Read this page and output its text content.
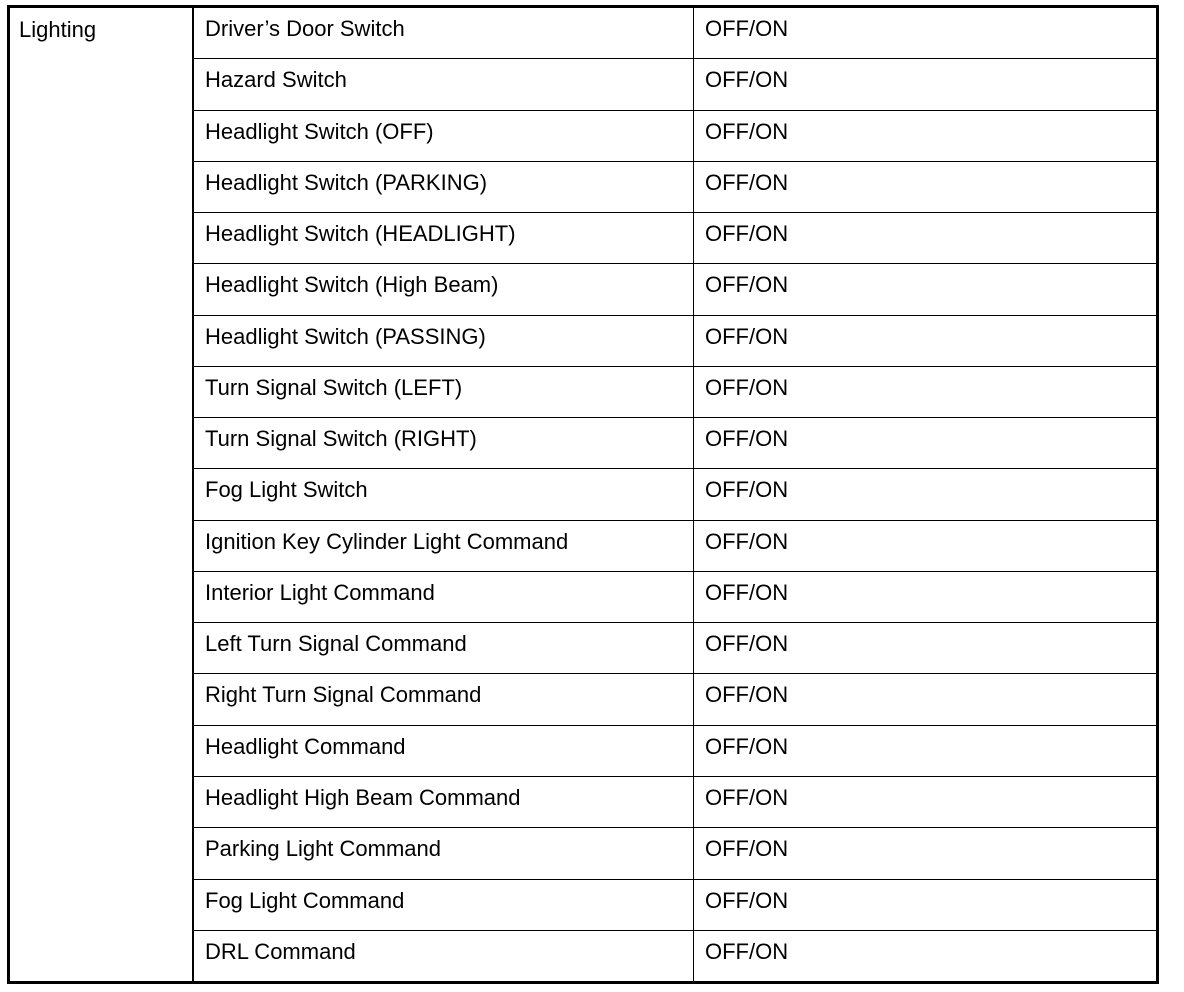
Lighting	Driver’s Door Switch	OFF/ON
Hazard Switch	OFF/ON
Headlight Switch (OFF)	OFF/ON
Headlight Switch (PARKING)	OFF/ON
Headlight Switch (HEADLIGHT)	OFF/ON
Headlight Switch (High Beam)	OFF/ON
Headlight Switch (PASSING)	OFF/ON
Turn Signal Switch (LEFT)	OFF/ON
Turn Signal Switch (RIGHT)	OFF/ON
Fog Light Switch	OFF/ON
Ignition Key Cylinder Light Command	OFF/ON
Interior Light Command	OFF/ON
Left Turn Signal Command	OFF/ON
Right Turn Signal Command	OFF/ON
Headlight Command	OFF/ON
Headlight High Beam Command	OFF/ON
Parking Light Command	OFF/ON
Fog Light Command	OFF/ON
DRL Command	OFF/ON
